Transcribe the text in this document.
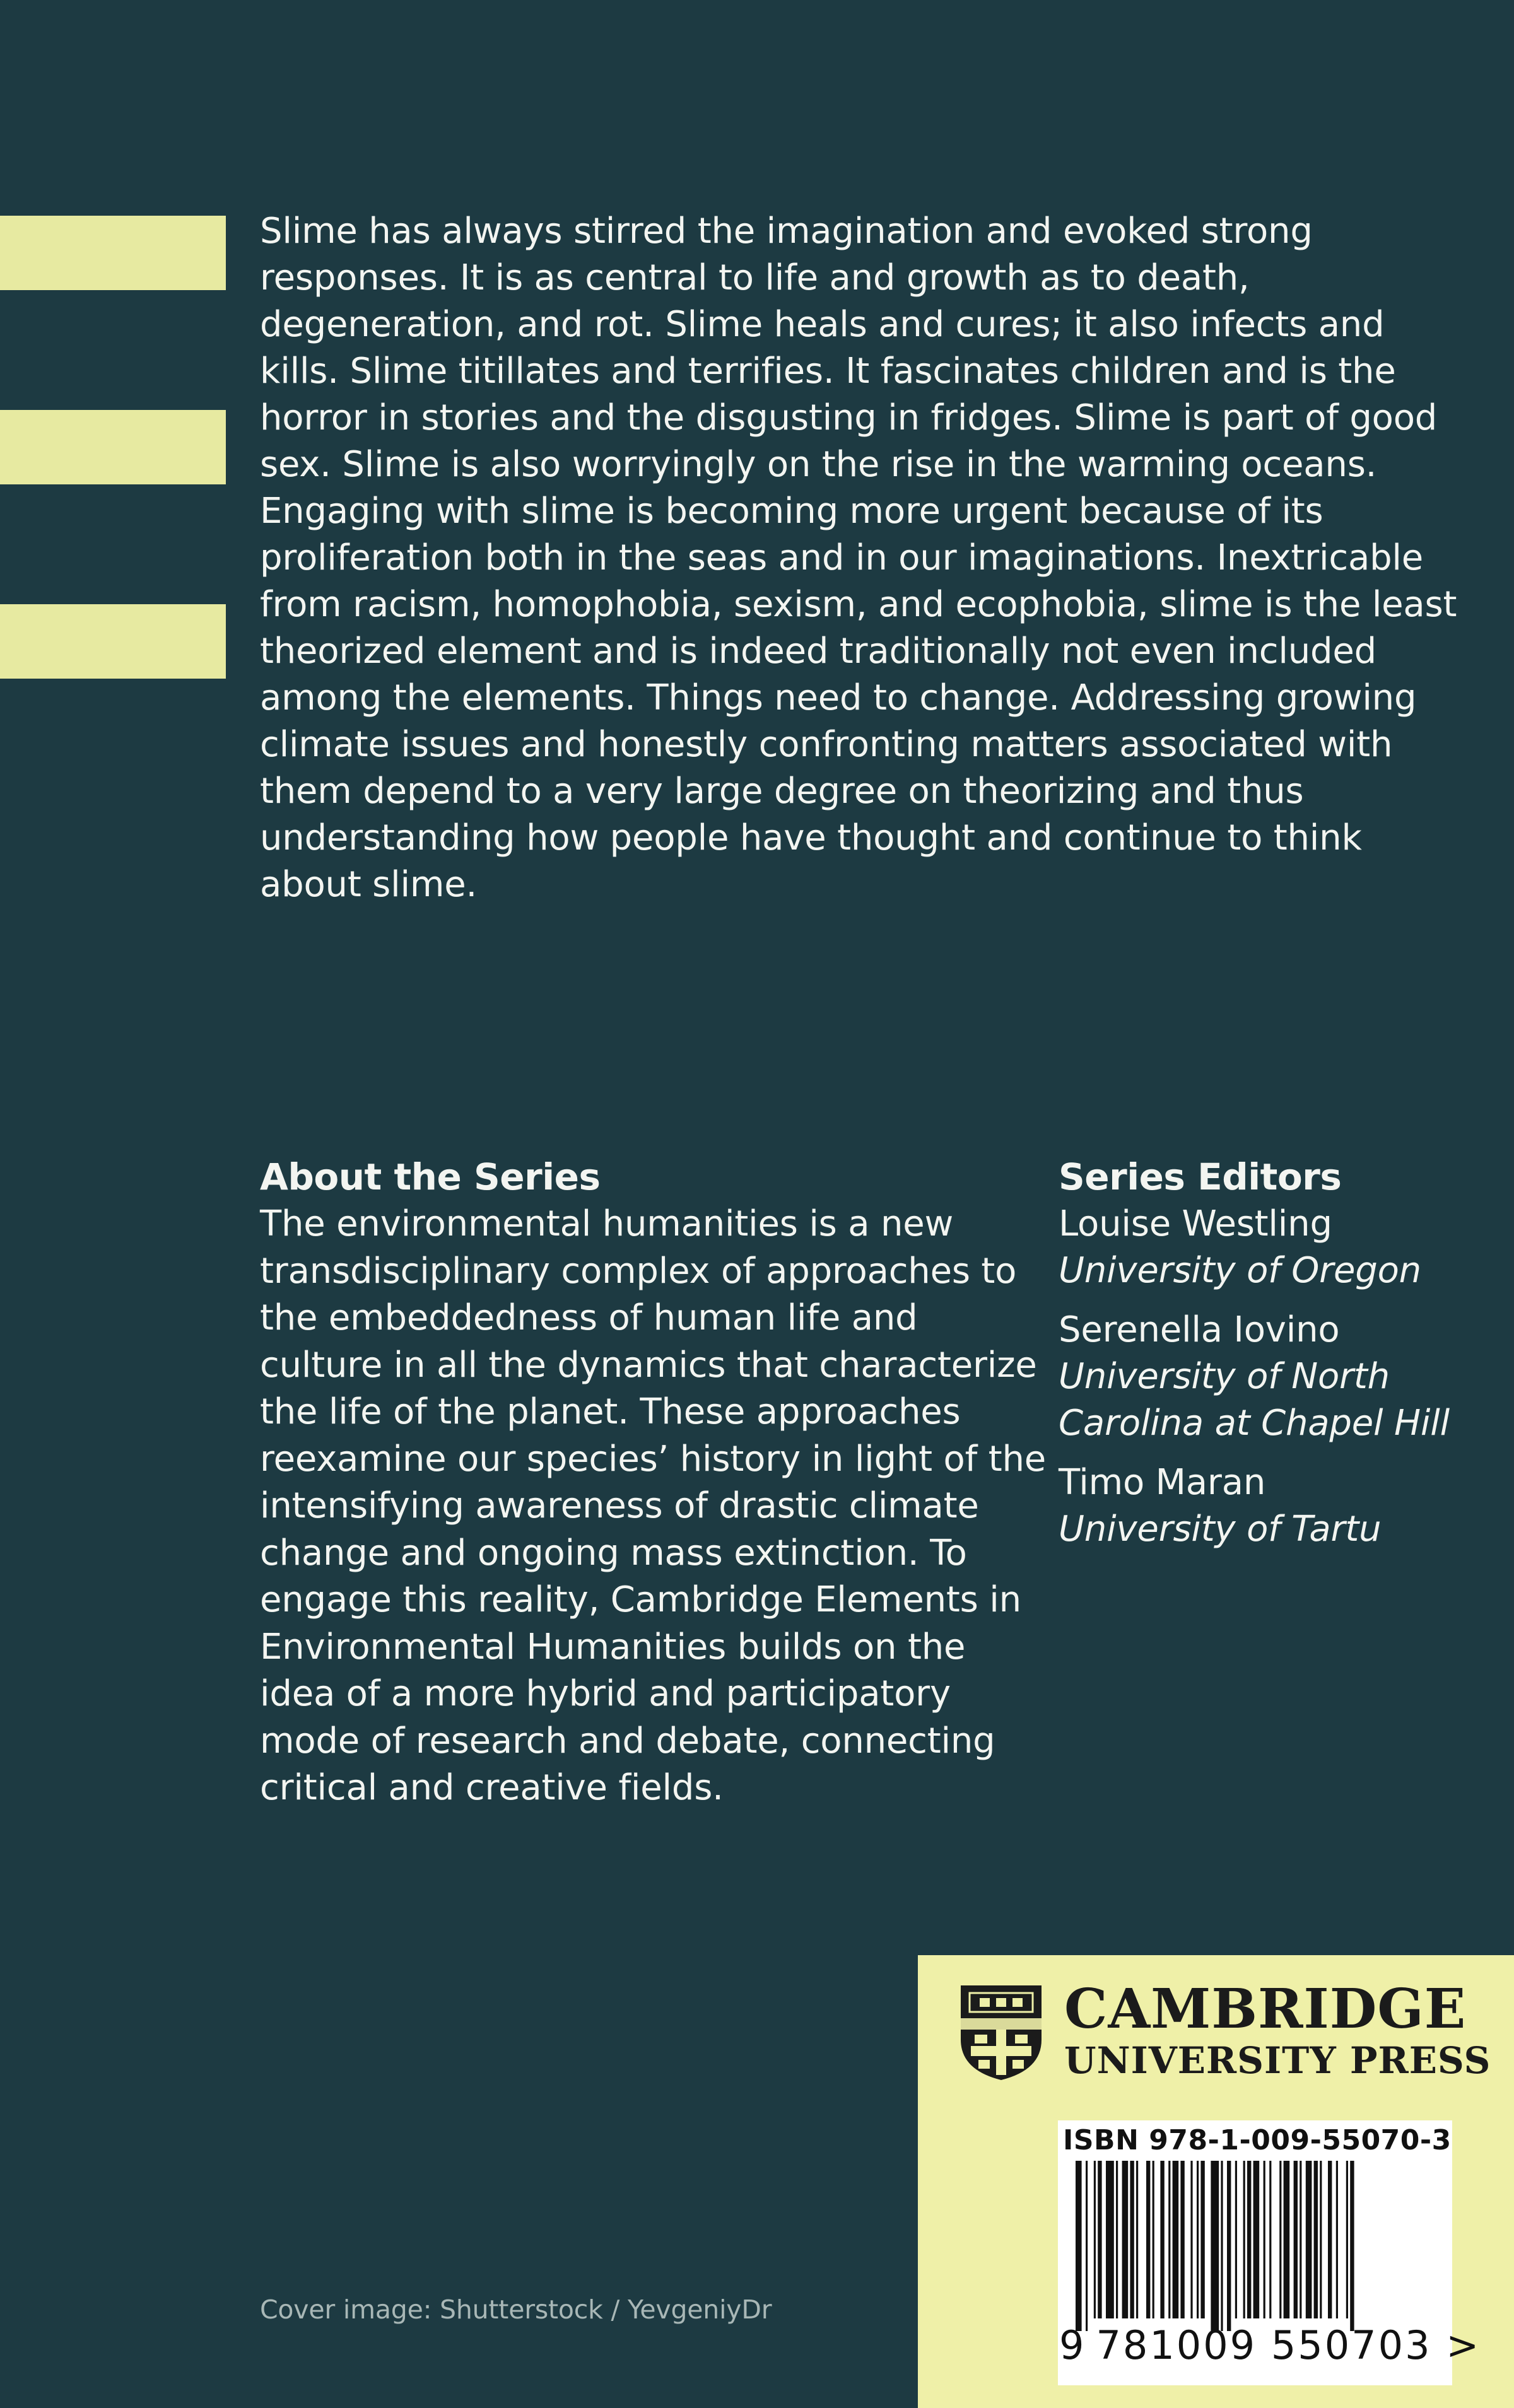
Slime has always stirred the imagination and evoked strong responses. It is as central to life and growth as to death, degeneration, and rot. Slime heals and cures; it also infects and kills. Slime titillates and terrifies. It fascinates children and is the horror in stories and the disgusting in fridges. Slime is part of good sex. Slime is also worryingly on the rise in the warming oceans. Engaging with slime is becoming more urgent because of its proliferation both in the seas and in our imaginations. Inextricable from racism, homophobia, sexism, and ecophobia, slime is the least theorized element and is indeed traditionally not even included among the elements. Things need to change. Addressing growing climate issues and honestly confronting matters associated with them depend to a very large degree on theorizing and thus understanding how people have thought and continue to think about slime.

About the Series

The environmental humanities is a new transdisciplinary complex of approaches to the embeddedness of human life and culture in all the dynamics that characterize the life of the planet. These approaches reexamine our species’ history in light of the intensifying awareness of drastic climate change and ongoing mass extinction. To engage this reality, Cambridge Elements in Environmental Humanities builds on the idea of a more hybrid and participatory mode of research and debate, connecting critical and creative fields.

Series Editors
Louise Westling
University of Oregon
Serenella Iovino
University of North Carolina at Chapel Hill
Timo Maran
University of Tartu
Cover image: Shutterstock / YevgeniyDr
CAMBRIDGE
UNIVERSITY PRESS
ISBN 978-1-009-55070-3
9 781009 550703 >
